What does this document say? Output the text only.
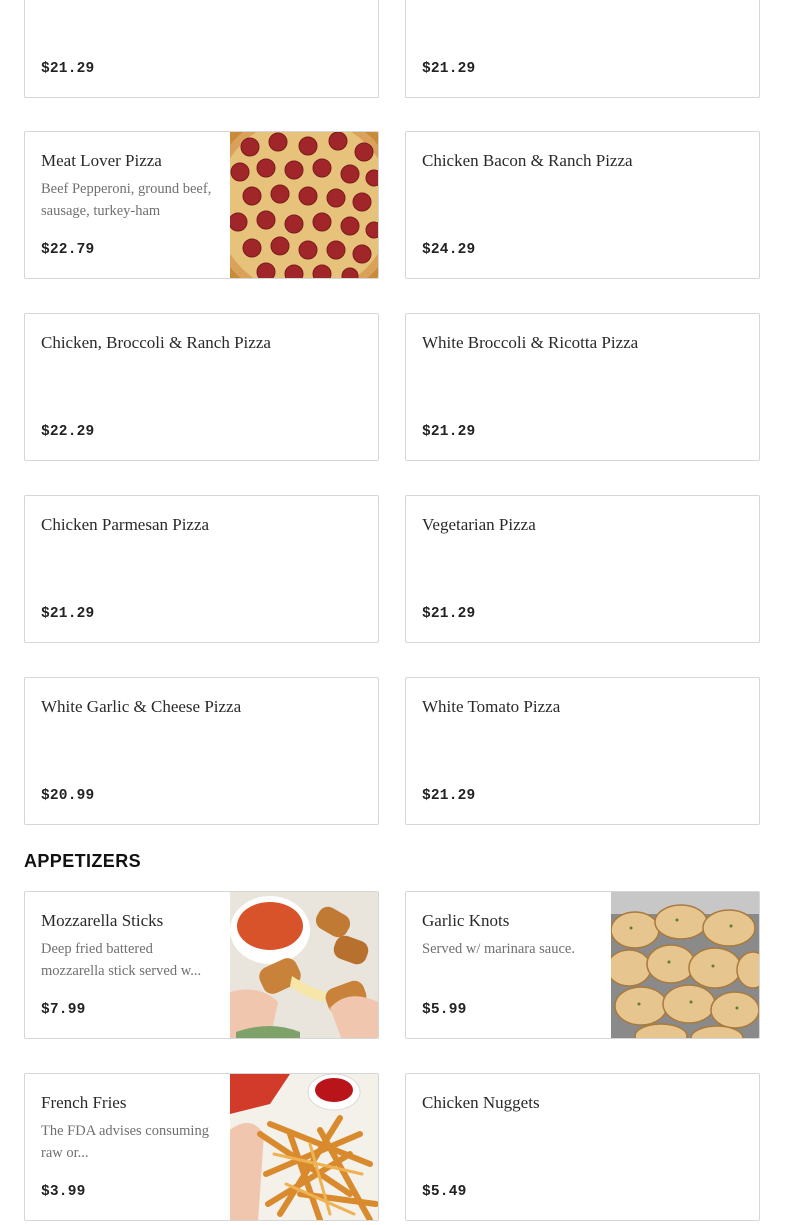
$21.29	$21.29
Meat Lover Pizza
Beef Pepperoni, ground beef, sausage, turkey-ham
$22.79
Chicken Bacon & Ranch Pizza
$24.29
Chicken, Broccoli & Ranch Pizza
$22.29
White Broccoli & Ricotta Pizza
$21.29
Chicken Parmesan Pizza
$21.29
Vegetarian Pizza
$21.29
White Garlic & Cheese Pizza
$20.99
White Tomato Pizza
$21.29
APPETIZERS
Mozzarella Sticks
Deep fried battered mozzarella stick served w...
$7.99
Garlic Knots
Served w/ marinara sauce.
$5.99
French Fries
The FDA advises consuming raw or...
$3.99
Chicken Nuggets
$5.49
